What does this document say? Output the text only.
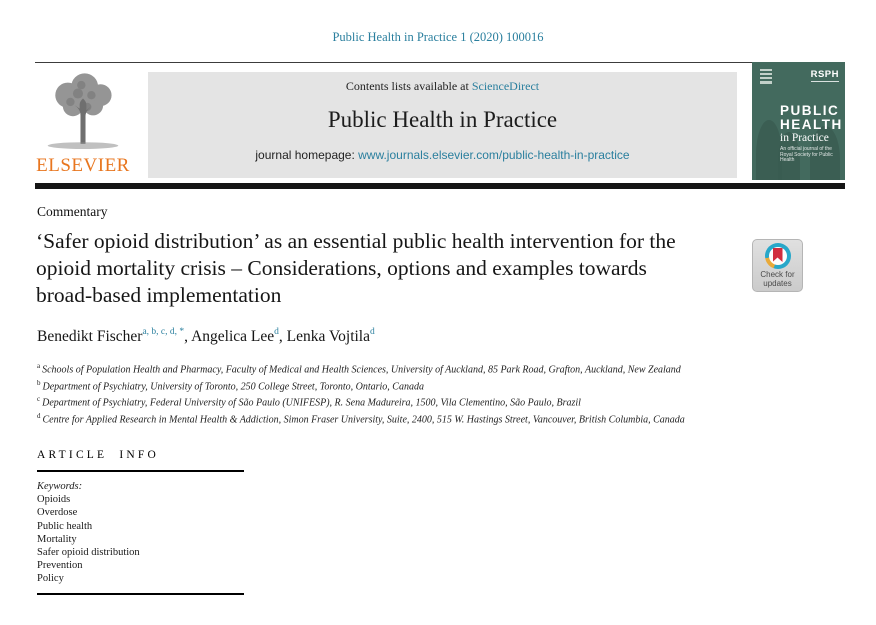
Public Health in Practice 1 (2020) 100016
ELSEVIER
Contents lists available at ScienceDirect
Public Health in Practice
journal homepage: www.journals.elsevier.com/public-health-in-practice
RSPH
PUBLIC
HEALTH
in Practice
An official journal of the
Royal Society for Public Health
Commentary
‘Safer opioid distribution’ as an essential public health intervention for the
opioid mortality crisis – Considerations, options and examples towards
broad-based implementation
Check for
updates
Benedikt Fischer$^{a, b, c, d, *}$, Angelica Lee$^d$, Lenka Vojtila$^d$
$^a$ Schools of Population Health and Pharmacy, Faculty of Medical and Health Sciences, University of Auckland, 85 Park Road, Grafton, Auckland, New Zealand
$^b$ Department of Psychiatry, University of Toronto, 250 College Street, Toronto, Ontario, Canada
$^c$ Department of Psychiatry, Federal University of São Paulo (UNIFESP), R. Sena Madureira, 1500, Vila Clementino, São Paulo, Brazil
$^d$ Centre for Applied Research in Mental Health & Addiction, Simon Fraser University, Suite, 2400, 515 W. Hastings Street, Vancouver, British Columbia, Canada
ARTICLE INFO
Keywords:
Opioids
Overdose
Public health
Mortality
Safer opioid distribution
Prevention
Policy
